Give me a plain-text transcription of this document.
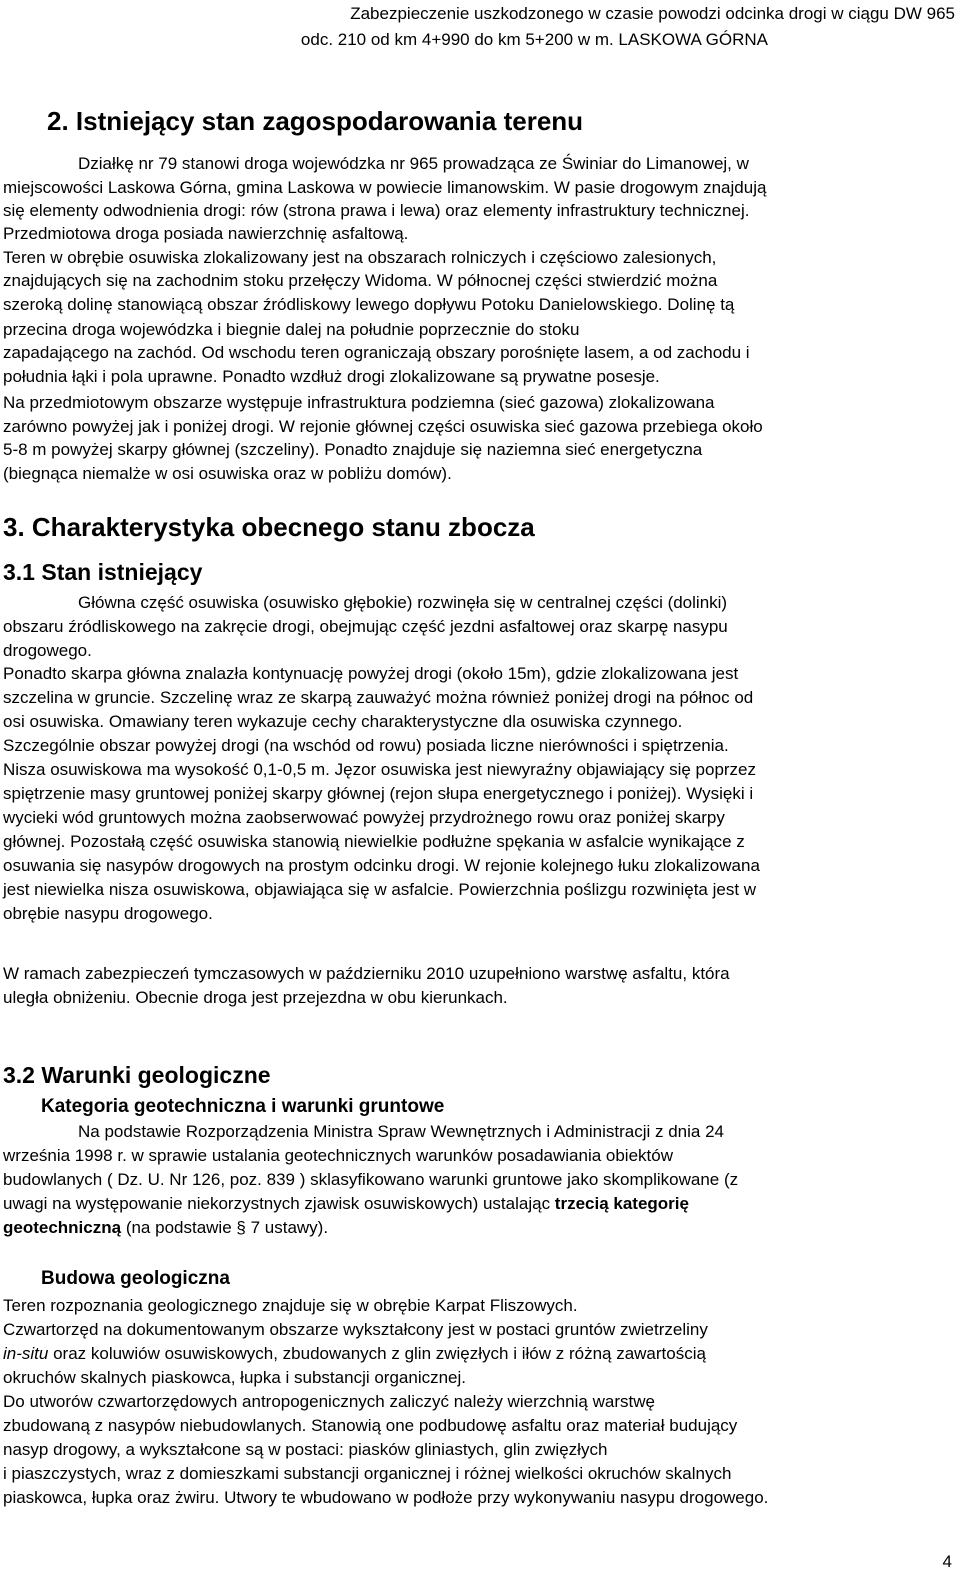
Zabezpieczenie uszkodzonego w czasie powodzi odcinka drogi w ciągu DW 965
odc. 210 od km 4+990 do km 5+200 w m. LASKOWA GÓRNA
2. Istniejący stan zagospodarowania terenu
Działkę nr 79 stanowi droga wojewódzka nr 965 prowadząca ze Świniar do Limanowej, w
miejscowości Laskowa Górna, gmina Laskowa w powiecie limanowskim. W pasie drogowym znajdują
się elementy odwodnienia drogi: rów (strona prawa i lewa) oraz elementy infrastruktury technicznej.
Przedmiotowa droga posiada nawierzchnię asfaltową.
Teren w obrębie osuwiska zlokalizowany jest na obszarach rolniczych i częściowo zalesionych,
znajdujących się na zachodnim stoku przełęczy Widoma. W północnej części stwierdzić można
szeroką dolinę stanowiącą obszar źródliskowy lewego dopływu Potoku Danielowskiego. Dolinę tą
przecina droga wojewódzka i biegnie dalej na południe poprzecznie do stoku
zapadającego na zachód. Od wschodu teren ograniczają obszary porośnięte lasem, a od zachodu i
południa łąki i pola uprawne. Ponadto wzdłuż drogi zlokalizowane są prywatne posesje.
Na przedmiotowym obszarze występuje infrastruktura podziemna (sieć gazowa) zlokalizowana
zarówno powyżej jak i poniżej drogi. W rejonie głównej części osuwiska sieć gazowa przebiega około
5-8 m powyżej skarpy głównej (szczeliny). Ponadto znajduje się naziemna sieć energetyczna
(biegnąca niemalże w osi osuwiska oraz w pobliżu domów).
3. Charakterystyka obecnego stanu zbocza
3.1 Stan istniejący
Główna część osuwiska (osuwisko głębokie) rozwinęła się w centralnej części (dolinki)
obszaru źródliskowego na zakręcie drogi, obejmując część jezdni asfaltowej oraz skarpę nasypu
drogowego.
Ponadto skarpa główna znalazła kontynuację powyżej drogi (około 15m), gdzie zlokalizowana jest
szczelina w gruncie. Szczelinę wraz ze skarpą zauważyć można również poniżej drogi na północ od
osi osuwiska. Omawiany teren wykazuje cechy charakterystyczne dla osuwiska czynnego.
Szczególnie obszar powyżej drogi (na wschód od rowu) posiada liczne nierówności i spiętrzenia.
Nisza osuwiskowa ma wysokość 0,1-0,5 m. Jęzor osuwiska jest niewyraźny objawiający się poprzez
spiętrzenie masy gruntowej poniżej skarpy głównej (rejon słupa energetycznego i poniżej). Wysięki i
wycieki wód gruntowych można zaobserwować powyżej przydrożnego rowu oraz poniżej skarpy
głównej. Pozostałą część osuwiska stanowią niewielkie podłużne spękania w asfalcie wynikające z
osuwania się nasypów drogowych na prostym odcinku drogi. W rejonie kolejnego łuku zlokalizowana
jest niewielka nisza osuwiskowa, objawiająca się w asfalcie. Powierzchnia poślizgu rozwinięta jest w
obrębie nasypu drogowego.
W ramach zabezpieczeń tymczasowych w październiku 2010 uzupełniono warstwę asfaltu, która
uległa obniżeniu. Obecnie droga jest przejezdna w obu kierunkach.
3.2 Warunki geologiczne
Kategoria geotechniczna i warunki gruntowe
Na podstawie Rozporządzenia Ministra Spraw Wewnętrznych i Administracji z dnia 24
września 1998 r. w sprawie ustalania geotechnicznych warunków posadawiania obiektów
budowlanych ( Dz. U. Nr 126, poz. 839 ) sklasyfikowano warunki gruntowe jako skomplikowane (z
uwagi na występowanie niekorzystnych zjawisk osuwiskowych) ustalając trzecią kategorię
geotechniczną (na podstawie § 7 ustawy).
Budowa geologiczna
Teren rozpoznania geologicznego znajduje się w obrębie Karpat Fliszowych.
Czwartorzęd na dokumentowanym obszarze wykształcony jest w postaci gruntów zwietrzeliny
in-situ oraz koluwiów osuwiskowych, zbudowanych z glin zwięzłych i iłów z różną zawartością
okruchów skalnych piaskowca, łupka i substancji organicznej.
Do utworów czwartorzędowych antropogenicznych zaliczyć należy wierzchnią warstwę
zbudowaną z nasypów niebudowlanych. Stanowią one podbudowę asfaltu oraz materiał budujący
nasyp drogowy, a wykształcone są w postaci: piasków gliniastych, glin zwięzłych
i piaszczystych, wraz z domieszkami substancji organicznej i różnej wielkości okruchów skalnych
piaskowca, łupka oraz żwiru. Utwory te wbudowano w podłoże przy wykonywaniu nasypu drogowego.
4
